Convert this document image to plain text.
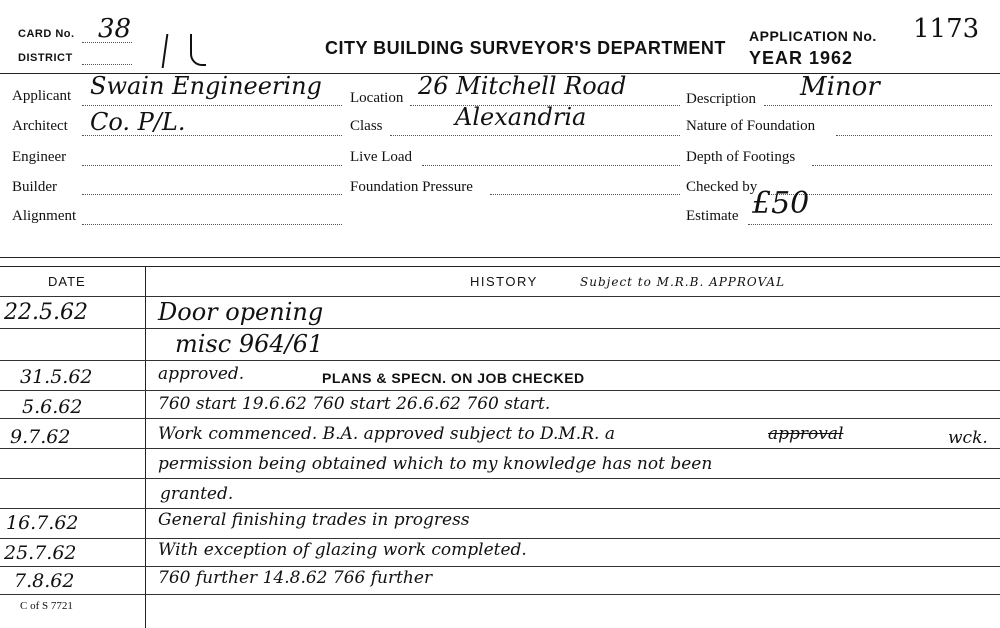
CARD No. 38
DISTRICT	CITY BUILDING SURVEYOR'S DEPARTMENT
APPLICATION No. 1173
YEAR 1962
Applicant Swain Engineering
Architect Co. P/L.
Engineer
Builder
Alignment
Location 26 Mitchell Road
Class	Alexandria
Live Load
Foundation Pressure
Description Minor
Nature of Foundation
Depth of Footings
Checked by
Estimate £50
DATE	HISTORY	Subject to M.R.B. APPROVAL
22.5.62	Door opening
misc 964/61
31.5.62	approved.	PLANS & SPECN. ON JOB CHECKED
5.6.62	760 start 19.6.62 760 start 26.6.62 760 start.
9.7.62	Work commenced. B.A. approved subject to D.M.R. a	approval	wck.
permission being obtained which to my knowledge has not been
granted.
16.7.62	General finishing trades in progress
25.7.62	With exception of glazing work completed.
7.8.62	760 further 14.8.62 766 further
C of S 7721
